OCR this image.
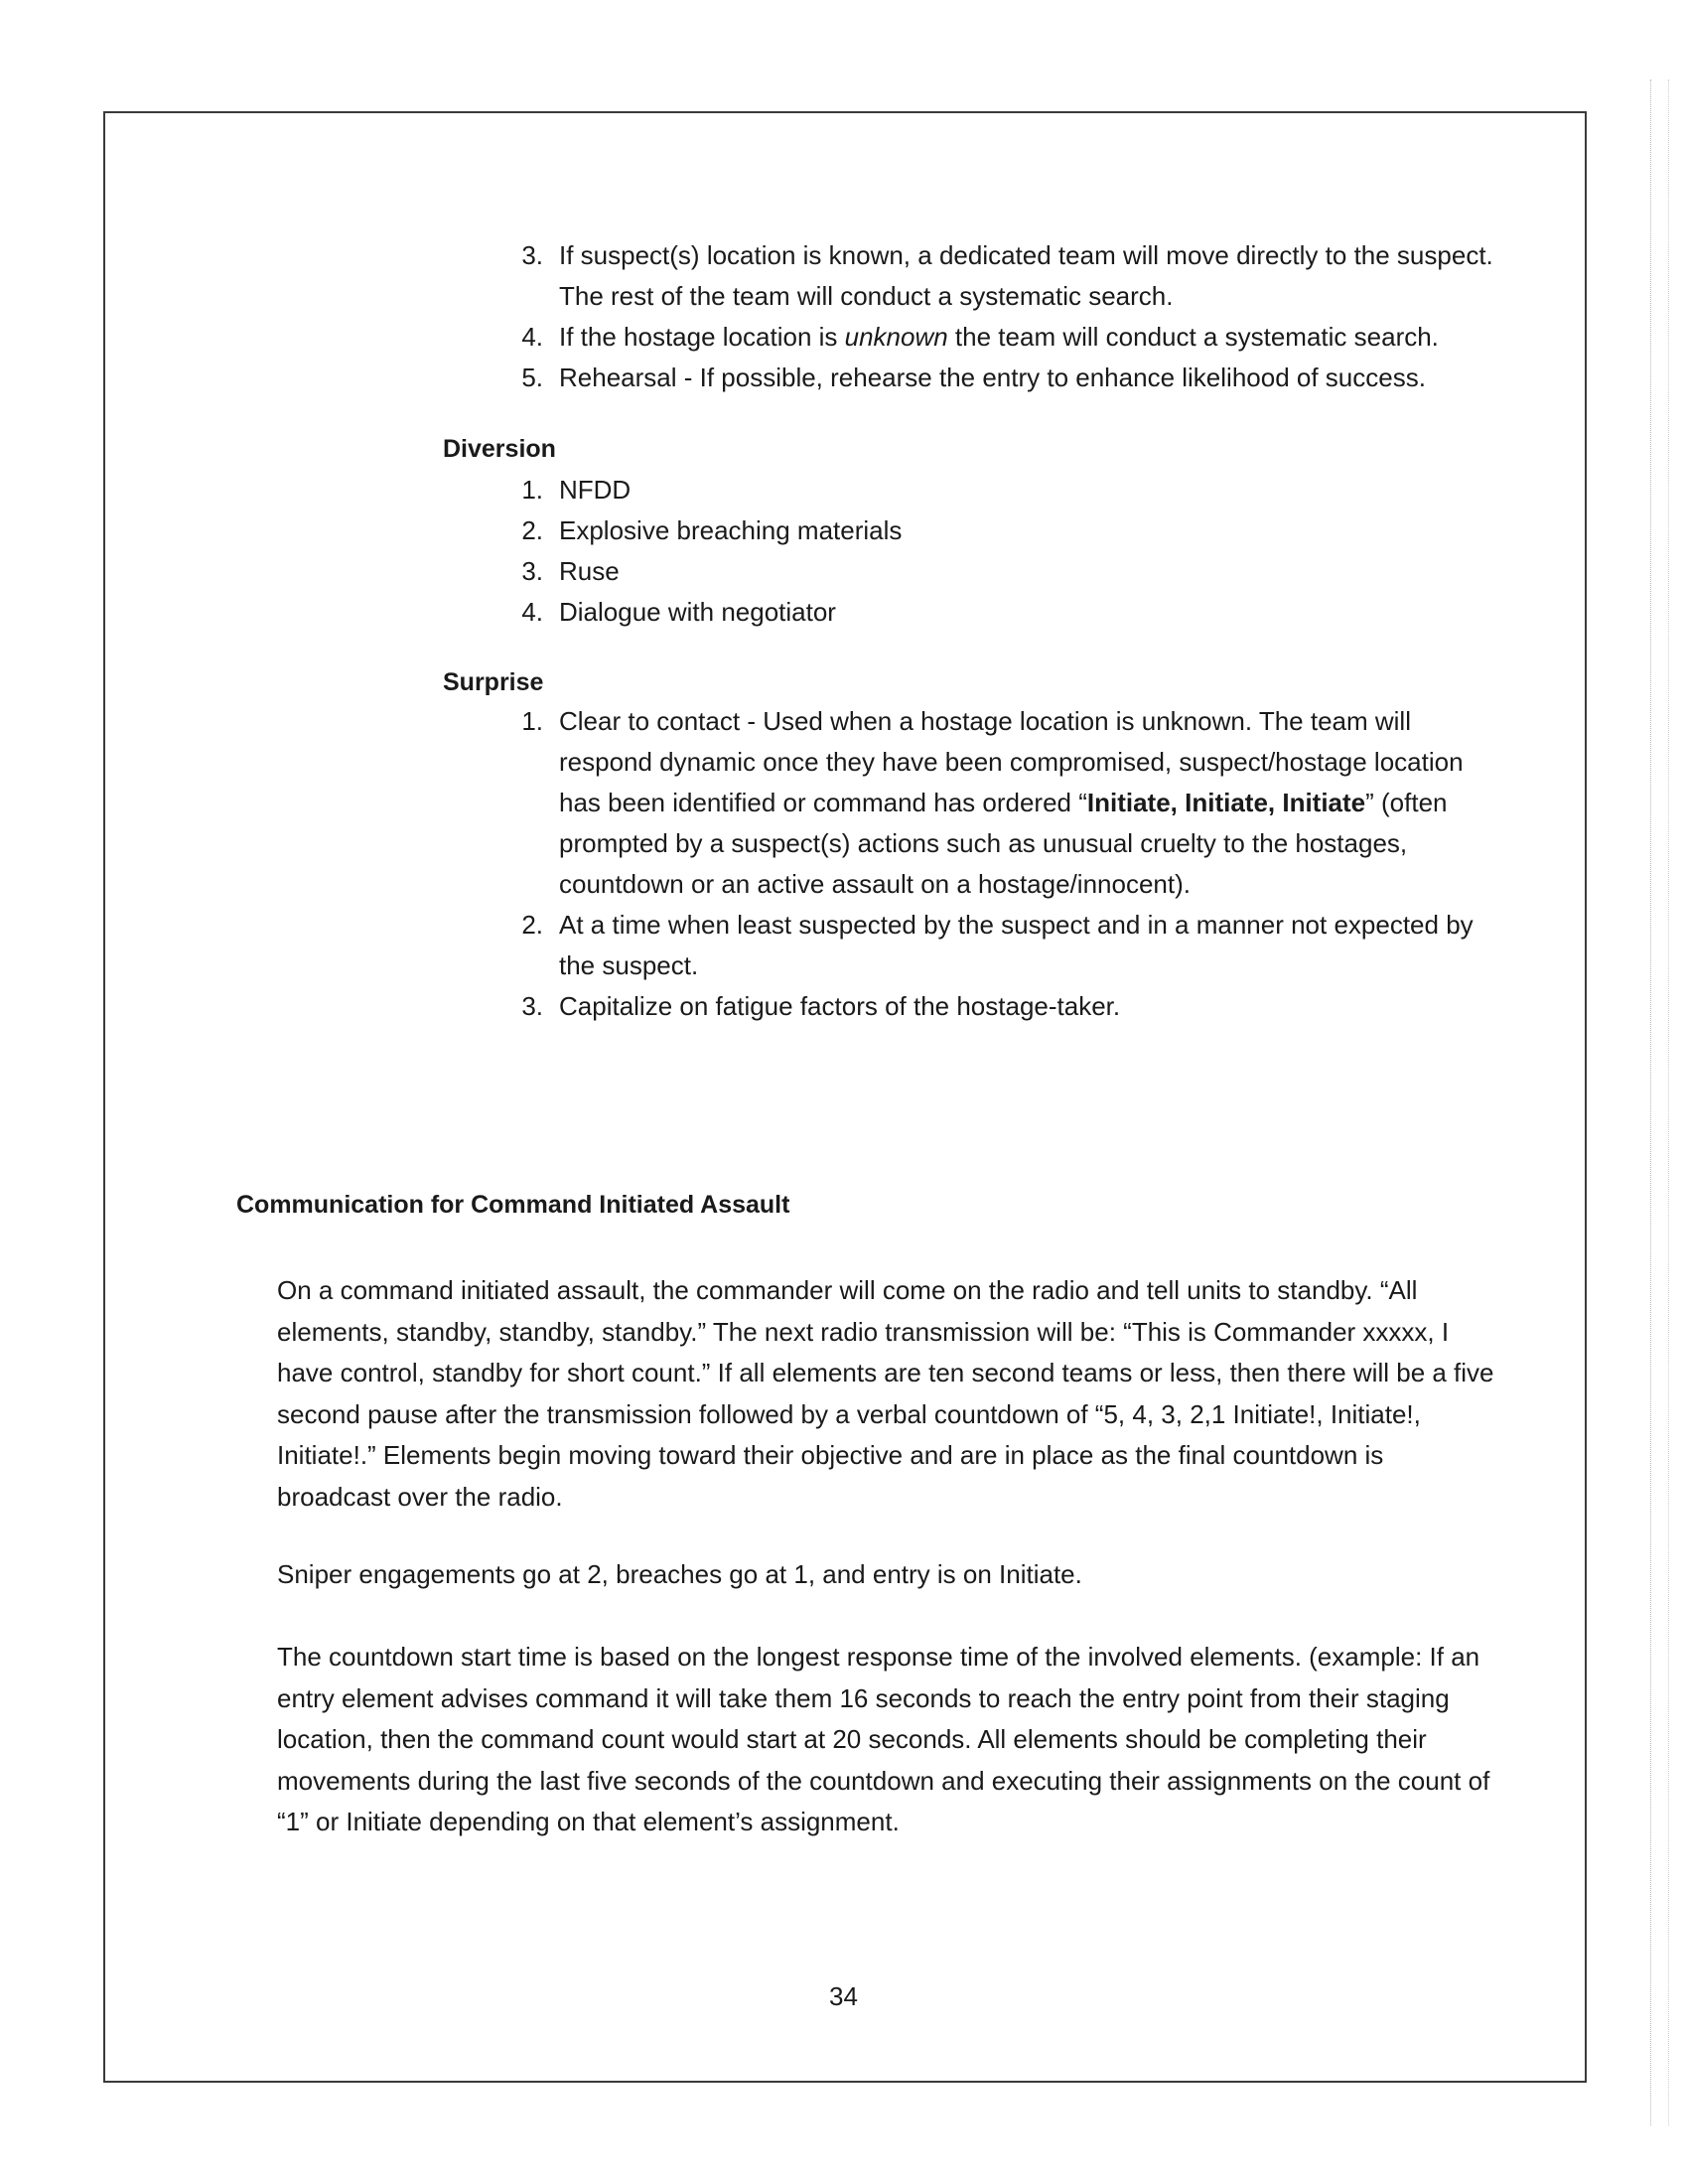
3. If suspect(s) location is known, a dedicated team will move directly to the suspect. The rest of the team will conduct a systematic search.
4. If the hostage location is unknown the team will conduct a systematic search.
5. Rehearsal - If possible, rehearse the entry to enhance likelihood of success.
Diversion
1. NFDD
2. Explosive breaching materials
3. Ruse
4. Dialogue with negotiator
Surprise
1. Clear to contact - Used when a hostage location is unknown. The team will respond dynamic once they have been compromised, suspect/hostage location has been identified or command has ordered “Initiate, Initiate, Initiate” (often prompted by a suspect(s) actions such as unusual cruelty to the hostages, countdown or an active assault on a hostage/innocent).
2. At a time when least suspected by the suspect and in a manner not expected by the suspect.
3. Capitalize on fatigue factors of the hostage-taker.
Communication for Command Initiated Assault

On a command initiated assault, the commander will come on the radio and tell units to standby. “All elements, standby, standby, standby.” The next radio transmission will be: “This is Commander xxxxx, I have control, standby for short count.” If all elements are ten second teams or less, then there will be a five second pause after the transmission followed by a verbal countdown of “5, 4, 3, 2,1 Initiate!, Initiate!, Initiate!.” Elements begin moving toward their objective and are in place as the final countdown is broadcast over the radio.

Sniper engagements go at 2, breaches go at 1, and entry is on Initiate.

The countdown start time is based on the longest response time of the involved elements. (example: If an entry element advises command it will take them 16 seconds to reach the entry point from their staging location, then the command count would start at 20 seconds. All elements should be completing their movements during the last five seconds of the countdown and executing their assignments on the count of “1” or Initiate depending on that element’s assignment.

34
